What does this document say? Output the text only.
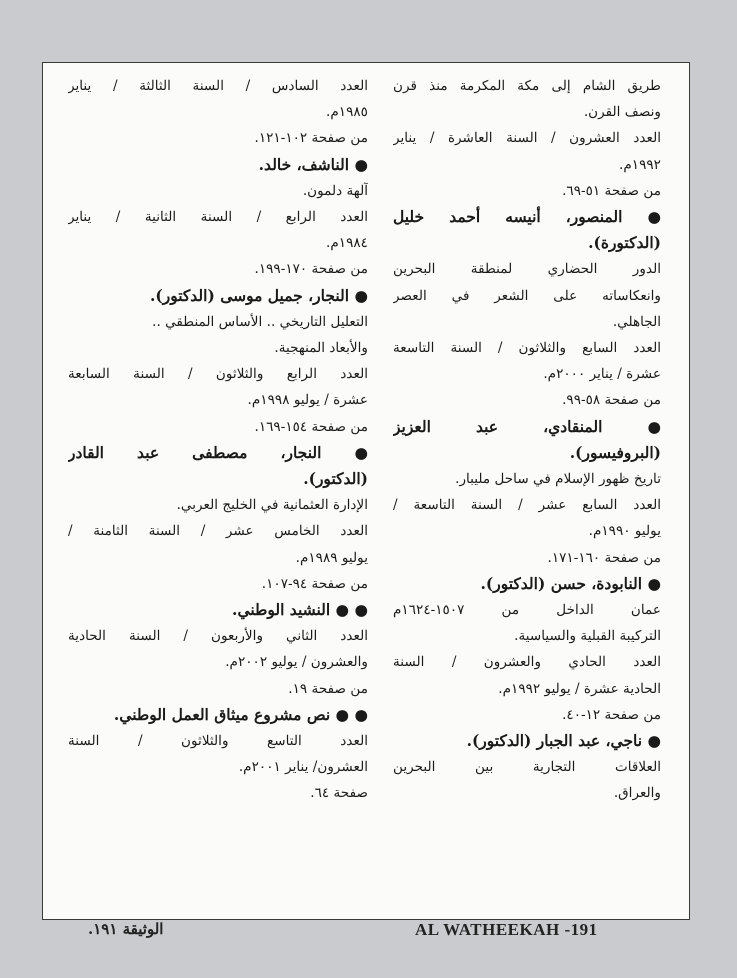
طريق الشام إلى مكة المكرمة منذ قرن
ونصف القرن.
العدد العشرون / السنة العاشرة / يناير
١٩٩٢م.
من صفحة ٥١-٦٩.
● المنصور، أنيسه أحمد خليل
(الدكتورة).
الدور الحضاري لمنطقة البحرين
وانعكاساته على الشعر في العصر
الجاهلي.
العدد السابع والثلاثون / السنة التاسعة
عشرة / يناير ٢٠٠٠م.
من صفحة ٥٨-٩٩.
● المنقادي، عبد العزيز
(البروفيسور).
تاريخ ظهور الإسلام في ساحل مليبار.
العدد السابع عشر / السنة التاسعة /
يوليو ١٩٩٠م.
من صفحة ١٦٠-١٧١.
● النابودة، حسن (الدكتور).
عمان الداخل من ١٥٠٧-١٦٢٤م
التركيبة القبلية والسياسية.
العدد الحادي والعشرون / السنة
الحادية عشرة / يوليو ١٩٩٢م.
من صفحة ١٢-٤٠.
● ناجي، عبد الجبار (الدكتور).
العلاقات التجارية بين البحرين
والعراق.
العدد السادس / السنة الثالثة / يناير
١٩٨٥م.
من صفحة ١٠٢-١٢١.
● الناشف، خالد.
آلهة دلمون.
العدد الرابع / السنة الثانية / يناير
١٩٨٤م.
من صفحة ١٧٠-١٩٩.
● النجار، جميل موسى (الدكتور).
التعليل التاريخي .. الأساس المنطقي ..
والأبعاد المنهجية.
العدد الرابع والثلاثون / السنة السابعة
عشرة / يوليو ١٩٩٨م.
من صفحة ١٥٤-١٦٩.
● النجار، مصطفى عبد القادر
(الدكتور).
الإدارة العثمانية في الخليج العربي.
العدد الخامس عشر / السنة الثامنة /
يوليو ١٩٨٩م.
من صفحة ٩٤-١٠٧.
● ● النشيد الوطني.
العدد الثاني والأربعون / السنة الحادية
والعشرون / يوليو ٢٠٠٢م.
من صفحة ١٩.
● ● نص مشروع ميثاق العمل الوطني.
العدد التاسع والثلاثون / السنة
العشرون/ يناير ٢٠٠١م.
صفحة ٦٤.
AL WATHEEKAH -191
الوثيقة ١٩١.
